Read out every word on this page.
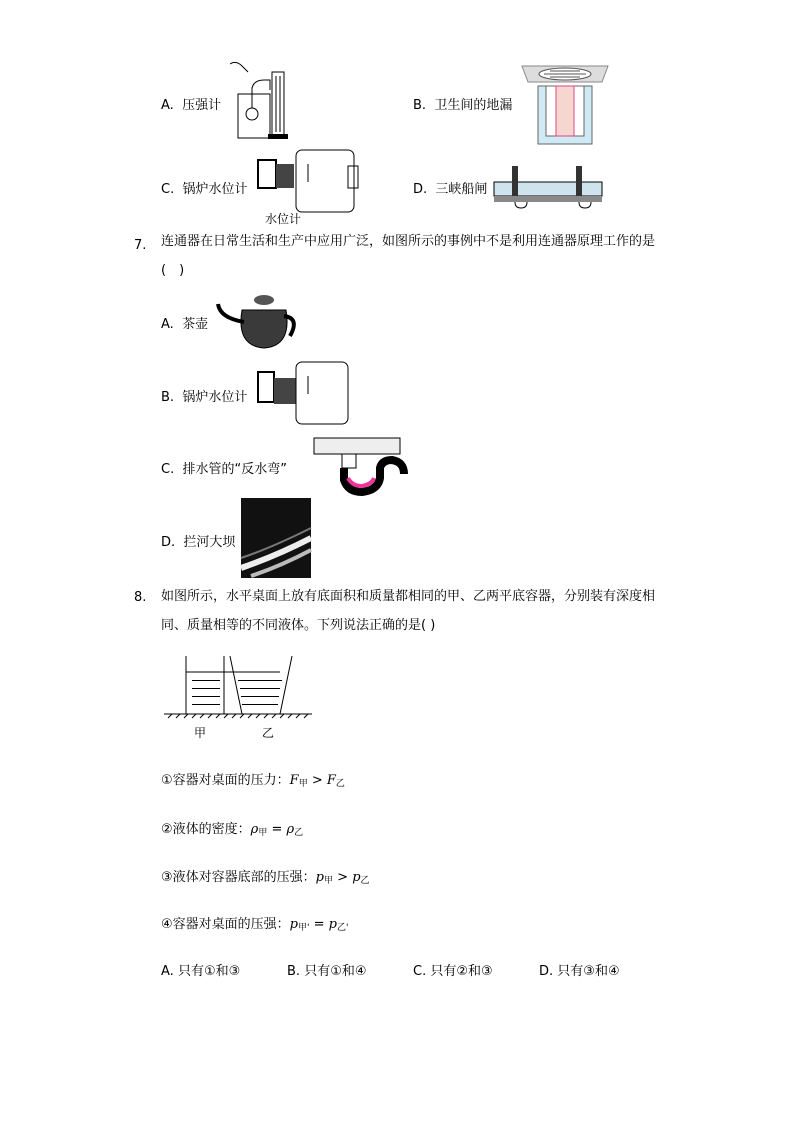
A. 压强计	B. 卫生间的地漏
C. 锅炉水位计
水位计
D. 三峡船闸
7. 连通器在日常生活和生产中应用广泛，如图所示的事例中不是利用连通器原理工作的是(　)
A. 茶壶
B. 锅炉水位计
C. 排水管的“反水弯”
D. 拦河大坝
8. 如图所示，水平桌面上放有底面积和质量都相同的甲、乙两平底容器，分别装有深度相同、质量相等的不同液体。下列说法正确的是( )
甲	乙
①容器对桌面的压力：$F_甲 > F_乙$
②液体的密度：$\rho_甲 = \rho_乙$
③液体对容器底部的压强：$p_甲 > p_乙$
④容器对桌面的压强：$p_{甲'} = p_{乙'}$
A. 只有①和③	B. 只有①和④	C. 只有②和③	D. 只有③和④
